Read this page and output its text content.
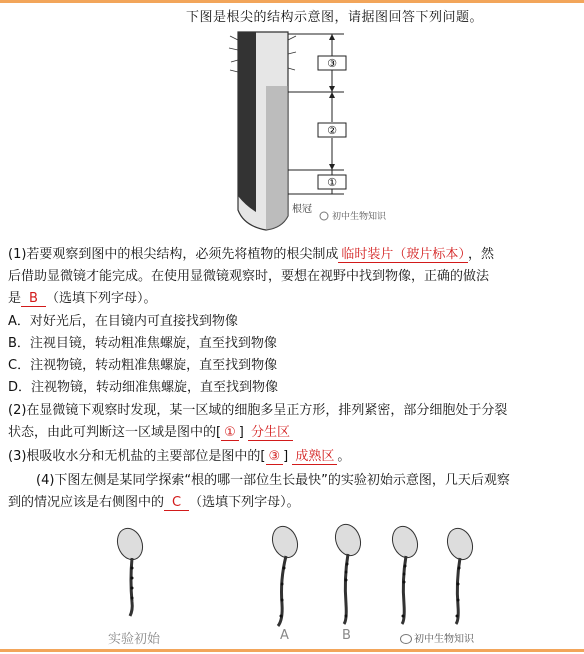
下图是根尖的结构示意图，请据图回答下列问题。
③
②
①
根冠
初中生物知识
(1)若要观察到图中的根尖结构，必须先将植物的根尖制成 临时装片（玻片标本） ，然
后借助显微镜才能完成。在使用显微镜观察时，要想在视野中找到物像，正确的做法
是 B （选填下列字母）。
A．对好光后，在目镜内可直接找到物像
B．注视目镜，转动粗准焦螺旋，直至找到物像
C．注视物镜，转动粗准焦螺旋，直至找到物像
D．注视物镜，转动细准焦螺旋，直至找到物像
(2)在显微镜下观察时发现，某一区域的细胞多呈正方形，排列紧密，部分细胞处于分裂
状态，由此可判断这一区域是图中的[ ① ] 分生区
(3)根吸收水分和无机盐的主要部位是图中的[ ③ ] 成熟区 。
(4)下图左侧是某同学探索“根的哪一部位生长最快”的实验初始示意图，几天后观察
到的情况应该是右侧图中的 C （选填下列字母）。
实验初始	A	B	初中生物知识
